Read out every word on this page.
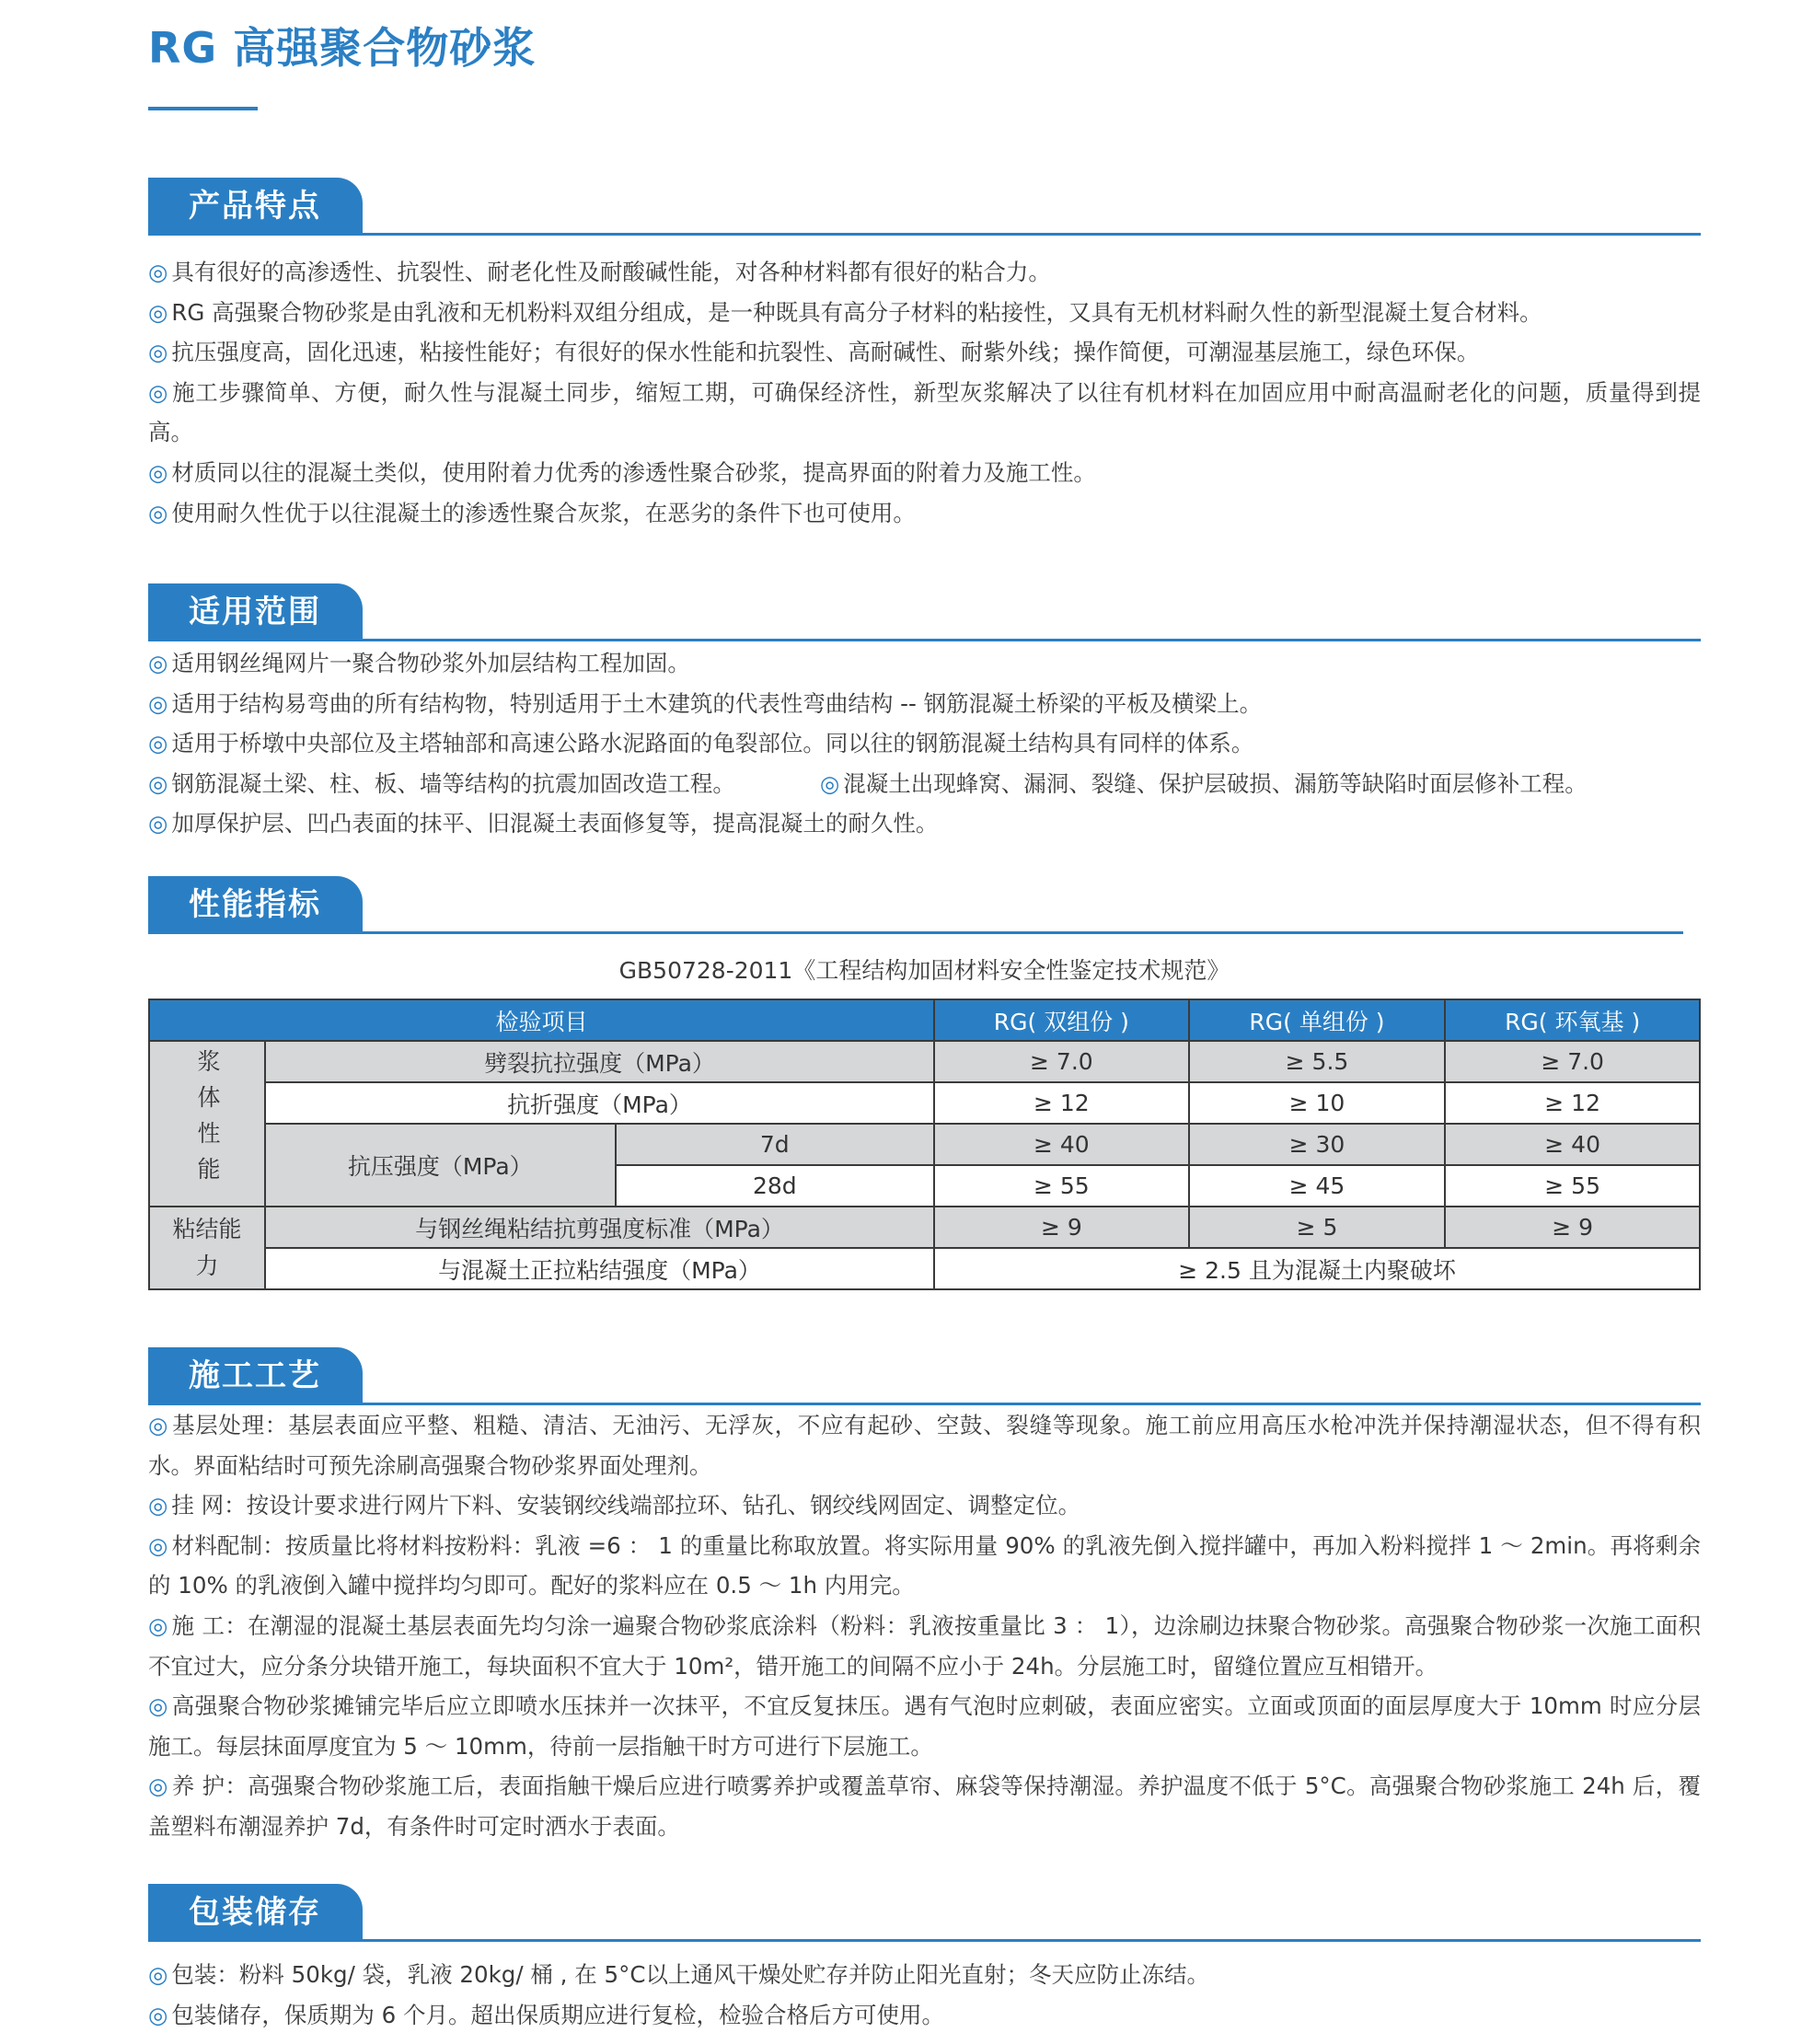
RG 高强聚合物砂浆
产品特点

◎ 具有很好的高渗透性、抗裂性、耐老化性及耐酸碱性能，对各种材料都有很好的粘合力。

◎ RG 高强聚合物砂浆是由乳液和无机粉料双组分组成，是一种既具有高分子材料的粘接性，又具有无机材料耐久性的新型混凝土复合材料。

◎ 抗压强度高，固化迅速，粘接性能好；有很好的保水性能和抗裂性、高耐碱性、耐紫外线；操作简便，可潮湿基层施工，绿色环保。

◎ 施工步骤简单、方便，耐久性与混凝土同步，缩短工期，可确保经济性，新型灰浆解决了以往有机材料在加固应用中耐高温耐老化的问题，质量得到提高。

◎ 材质同以往的混凝土类似，使用附着力优秀的渗透性聚合砂浆，提高界面的附着力及施工性。

◎ 使用耐久性优于以往混凝土的渗透性聚合灰浆，在恶劣的条件下也可使用。

适用范围

◎ 适用钢丝绳网片一聚合物砂浆外加层结构工程加固。

◎ 适用于结构易弯曲的所有结构物，特别适用于土木建筑的代表性弯曲结构 -- 钢筋混凝土桥梁的平板及横梁上。

◎ 适用于桥墩中央部位及主塔轴部和高速公路水泥路面的龟裂部位。同以往的钢筋混凝土结构具有同样的体系。

◎ 钢筋混凝土梁、柱、板、墙等结构的抗震加固改造工程。	◎ 混凝土出现蜂窝、漏洞、裂缝、保护层破损、漏筋等缺陷时面层修补工程。

◎ 加厚保护层、凹凸表面的抹平、旧混凝土表面修复等，提高混凝土的耐久性。

性能指标
GB50728-2011《工程结构加固材料安全性鉴定技术规范》
检验项目			RG( 双组份 )	RG( 单组份 )	RG( 环氧基 )
浆体性能	劈裂抗拉强度（MPa）		≥ 7.0	≥ 5.5	≥ 7.0
	抗折强度（MPa）		≥ 12	≥ 10	≥ 12
	抗压强度（MPa）	7d	≥ 40	≥ 30	≥ 40
		28d	≥ 55	≥ 45	≥ 55

粘结能
力	与钢丝绳粘结抗剪强度标准（MPa）		≥ 9	≥ 5	≥ 9
	与混凝土正拉粘结强度（MPa）		≥ 2.5 且为混凝土内聚破坏		
施工工艺

◎ 基层处理：基层表面应平整、粗糙、清洁、无油污、无浮灰，不应有起砂、空鼓、裂缝等现象。施工前应用高压水枪冲洗并保持潮湿状态，但不得有积水。界面粘结时可预先涂刷高强聚合物砂浆界面处理剂。

◎ 挂 网：按设计要求进行网片下料、安装钢绞线端部拉环、钻孔、钢绞线网固定、调整定位。

◎ 材料配制：按质量比将材料按粉料：乳液 =6 ： 1 的重量比称取放置。将实际用量 90% 的乳液先倒入搅拌罐中，再加入粉料搅拌 1 ～ 2min。再将剩余的 10% 的乳液倒入罐中搅拌均匀即可。配好的浆料应在 0.5 ～ 1h 内用完。

◎ 施 工：在潮湿的混凝土基层表面先均匀涂一遍聚合物砂浆底涂料（粉料：乳液按重量比 3 ： 1），边涂刷边抹聚合物砂浆。高强聚合物砂浆一次施工面积不宜过大，应分条分块错开施工，每块面积不宜大于 10m²，错开施工的间隔不应小于 24h。分层施工时，留缝位置应互相错开。

◎ 高强聚合物砂浆摊铺完毕后应立即喷水压抹并一次抹平，不宜反复抹压。遇有气泡时应刺破，表面应密实。立面或顶面的面层厚度大于 10mm 时应分层施工。每层抹面厚度宜为 5 ～ 10mm，待前一层指触干时方可进行下层施工。

◎ 养 护：高强聚合物砂浆施工后，表面指触干燥后应进行喷雾养护或覆盖草帘、麻袋等保持潮湿。养护温度不低于 5°C。高强聚合物砂浆施工 24h 后，覆盖塑料布潮湿养护 7d，有条件时可定时洒水于表面。

包装储存

◎ 包装：粉料 50kg/ 袋，乳液 20kg/ 桶 , 在 5°C以上通风干燥处贮存并防止阳光直射；冬天应防止冻结。

◎ 包装储存，保质期为 6 个月。超出保质期应进行复检，检验合格后方可使用。
